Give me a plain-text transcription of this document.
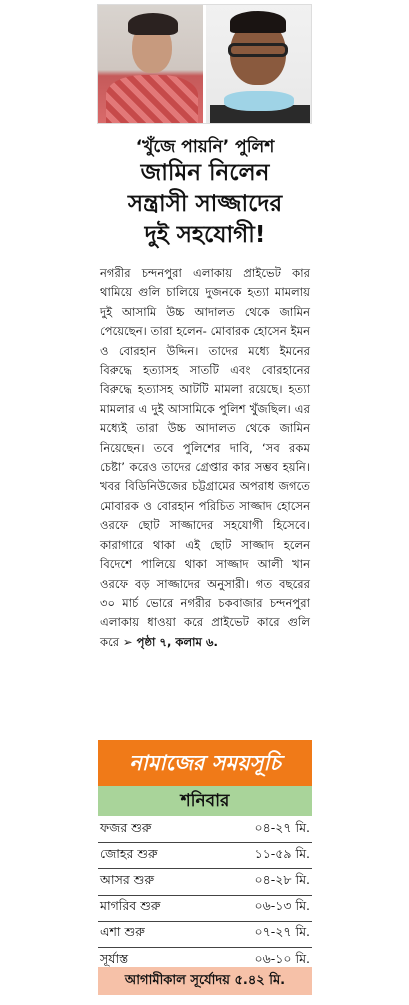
‘খুঁজে পায়নি’ পুলিশ
জামিন নিলেন
সন্ত্রাসী সাজ্জাদের
দুই সহযোগী!

নগরীর চন্দনপুরা এলাকায় প্রাইভেট কার থামিয়ে গুলি চালিয়ে দুজনকে হত্যা মামলায় দুই আসামি উচ্চ আদালত থেকে জামিন পেয়েছেন। তারা হলেন- মোবারক হোসেন ইমন ও বোরহান উদ্দিন। তাদের মধ্যে ইমনের বিরুদ্ধে হত্যাসহ সাতটি এবং বোরহানের বিরুদ্ধে হত্যাসহ আটটি মামলা রয়েছে। হত্যা মামলার এ দুই আসামিকে পুলিশ খুঁজছিল। এর মধ্যেই তারা উচ্চ আদালত থেকে জামিন নিয়েছেন। তবে পুলিশের দাবি, ‘সব রকম চেষ্টা’ করেও তাদের গ্রেপ্তার কার সম্ভব হয়নি। খবর বিডিনিউজের চট্টগ্রামের অপরাধ জগতে মোবারক ও বোরহান পরিচিত সাজ্জাদ হোসেন ওরফে ছোট সাজ্জাদের সহযোগী হিসেবে। কারাগারে থাকা এই ছোট সাজ্জাদ হলেন বিদেশে পালিয়ে থাকা সাজ্জাদ আলী খান ওরফে বড় সাজ্জাদের অনুসারী। গত বছরের ৩০ মার্চ ভোরে নগরীর চকবাজার চন্দনপুরা এলাকায় ধাওয়া করে প্রাইভেট কারে গুলি করে ➢ পৃষ্ঠা ৭, কলাম ৬.

নামাজের সময়সূচি
শনিবার
ফজর শুরু	০৪-২৭ মি.
জোহর শুরু	১১-৫৯ মি.
আসর শুরু	০৪-২৮ মি.
মাগরিব শুরু	০৬-১৩ মি.
এশা শুরু	০৭-২৭ মি.
সূর্যাস্ত	০৬-১০ মি.
আগামীকাল সূর্যোদয় ৫.৪২ মি.
